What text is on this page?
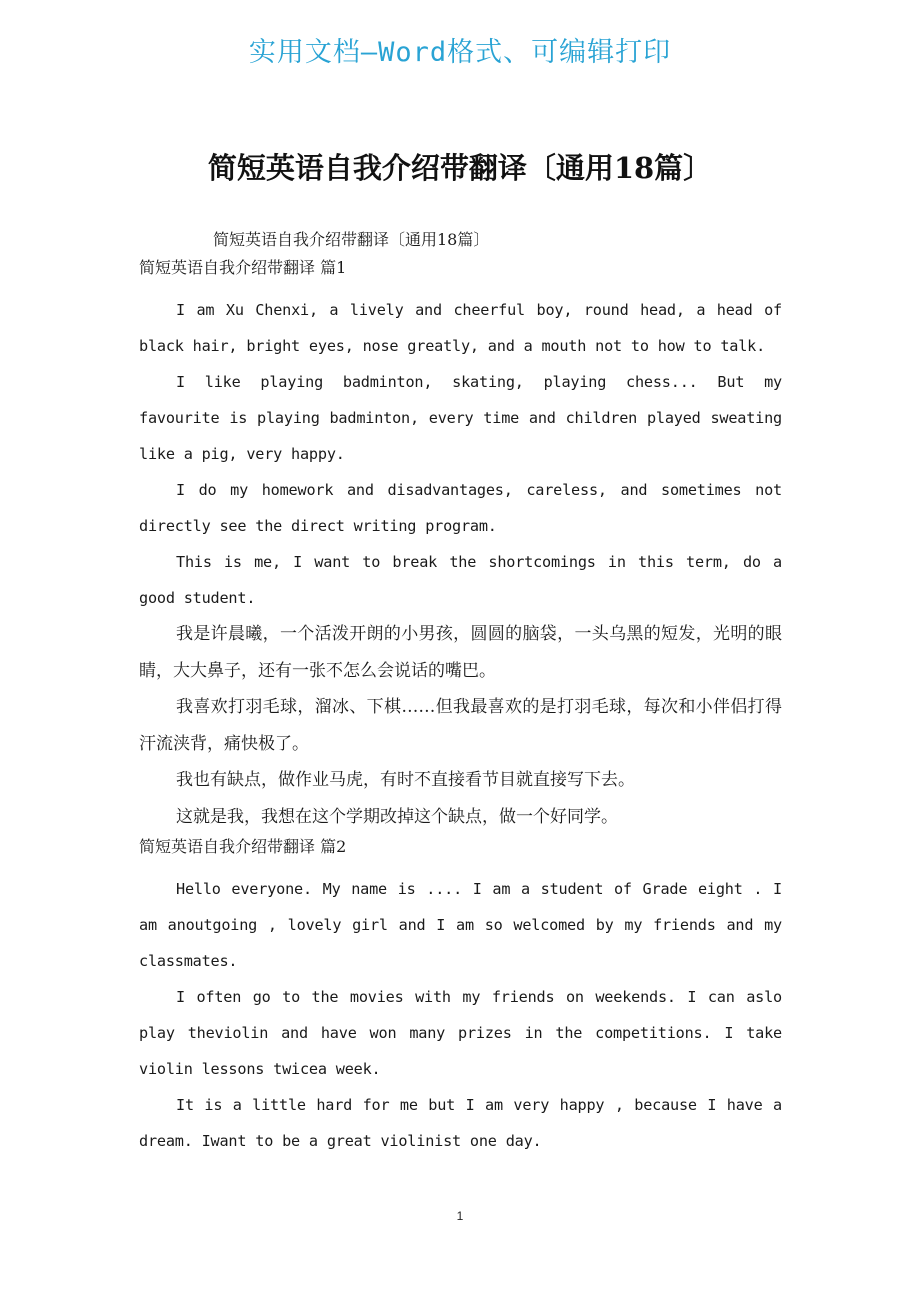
实用文档—Word格式、可编辑打印
简短英语自我介绍带翻译〔通用18篇〕

简短英语自我介绍带翻译〔通用18篇〕

简短英语自我介绍带翻译 篇1

I am Xu Chenxi, a lively and cheerful boy, round head, a head of black hair, bright eyes, nose greatly, and a mouth not to how to talk.

I like playing badminton, skating, playing chess... But my favourite is playing badminton, every time and children played sweating like a pig, very happy.

I do my homework and disadvantages, careless, and sometimes not directly see the direct writing program.

This is me, I want to break the shortcomings in this term, do a good student.

我是许晨曦，一个活泼开朗的小男孩，圆圆的脑袋，一头乌黑的短发，光明的眼睛，大大鼻子，还有一张不怎么会说话的嘴巴。

我喜欢打羽毛球，溜冰、下棋……但我最喜欢的是打羽毛球，每次和小伴侣打得汗流浃背，痛快极了。

我也有缺点，做作业马虎，有时不直接看节目就直接写下去。

这就是我，我想在这个学期改掉这个缺点，做一个好同学。

简短英语自我介绍带翻译 篇2

Hello everyone. My name is .... I am a student of Grade eight . I am anoutgoing , lovely girl and I am so welcomed by my friends and my classmates.

I often go to the movies with my friends on weekends. I can aslo play theviolin and have won many prizes in the competitions. I take violin lessons twicea week.

It is a little hard for me but I am very happy , because I have a dream. Iwant to be a great violinist one day.

1
